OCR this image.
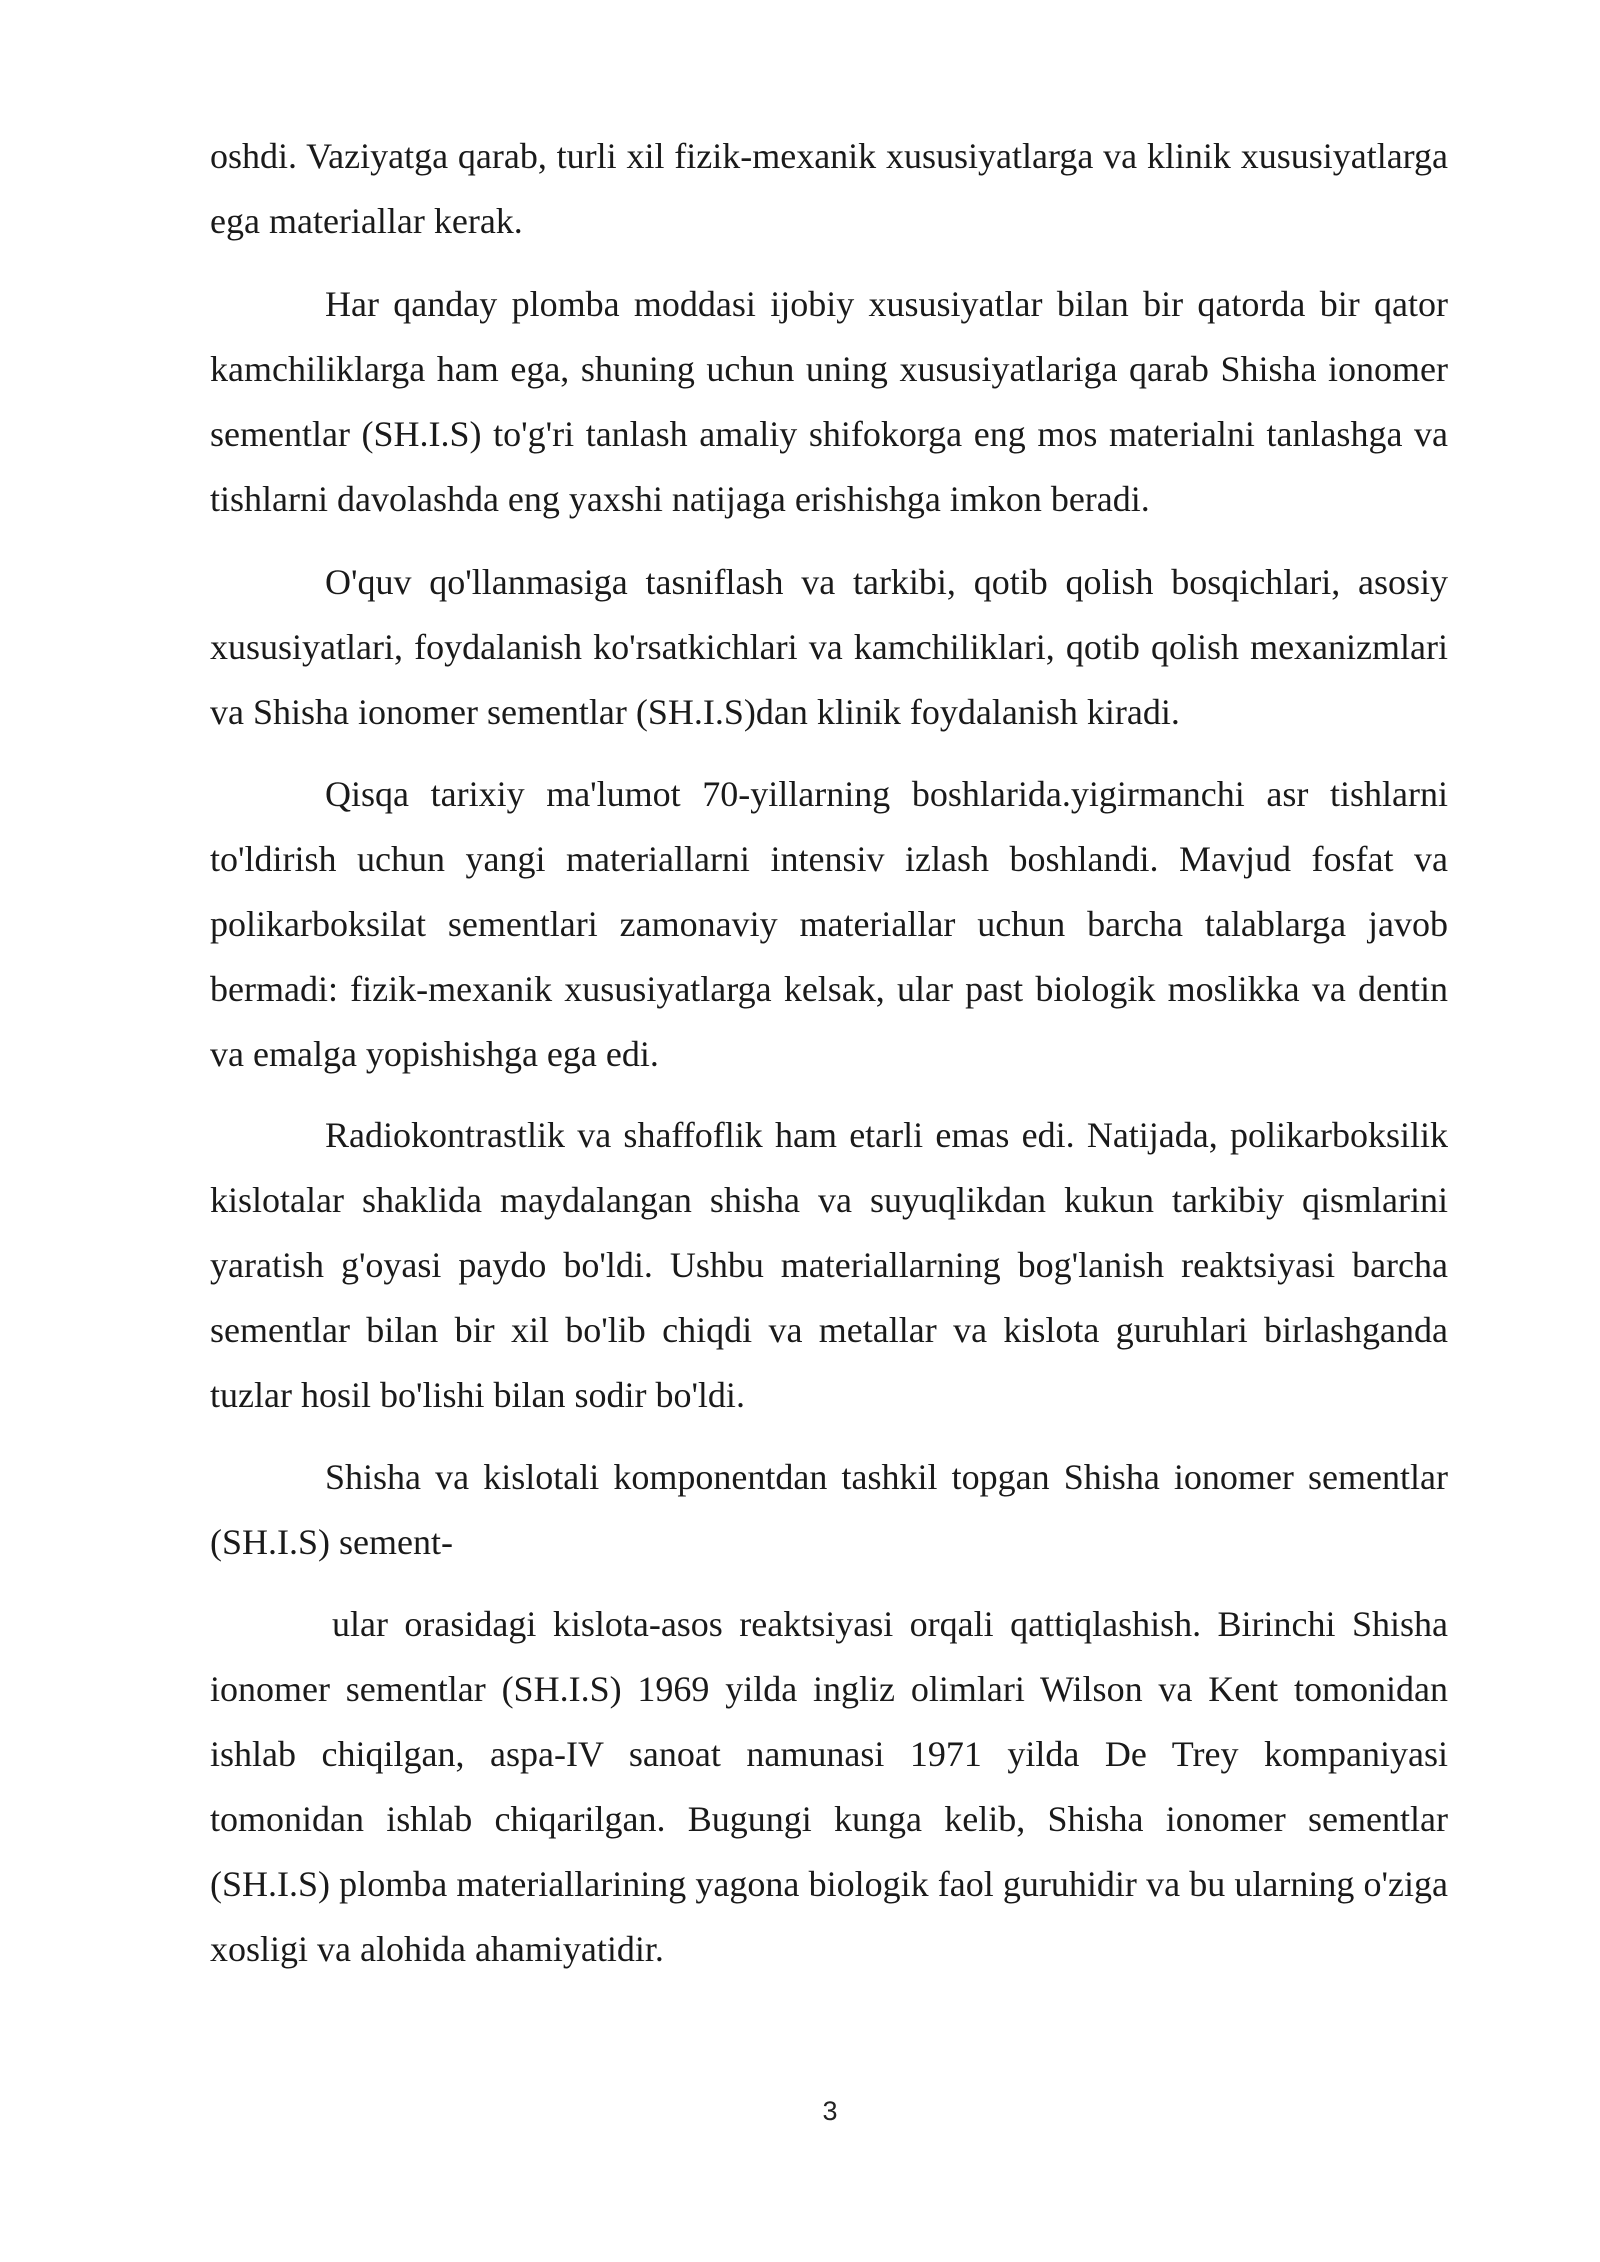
oshdi. Vaziyatga qarab, turli xil fizik-mexanik xususiyatlarga va klinik xususiyatlarga ega materiallar kerak.

Har qanday plomba moddasi ijobiy xususiyatlar bilan bir qatorda bir qator kamchiliklarga ham ega, shuning uchun uning xususiyatlariga qarab Shisha ionomer sementlar (SH.I.S) to'g'ri tanlash amaliy shifokorga eng mos materialni tanlashga va tishlarni davolashda eng yaxshi natijaga erishishga imkon beradi.

O'quv qo'llanmasiga tasniflash va tarkibi, qotib qolish bosqichlari, asosiy xususiyatlari, foydalanish ko'rsatkichlari va kamchiliklari, qotib qolish mexanizmlari va Shisha ionomer sementlar (SH.I.S)dan klinik foydalanish kiradi.

Qisqa tarixiy ma'lumot 70-yillarning boshlarida.yigirmanchi asr tishlarni to'ldirish uchun yangi materiallarni intensiv izlash boshlandi. Mavjud fosfat va polikarboksilat sementlari zamonaviy materiallar uchun barcha talablarga javob bermadi: fizik-mexanik xususiyatlarga kelsak, ular past biologik moslikka va dentin va emalga yopishishga ega edi.

Radiokontrastlik va shaffoflik ham etarli emas edi. Natijada, polikarboksilik kislotalar shaklida maydalangan shisha va suyuqlikdan kukun tarkibiy qismlarini yaratish g'oyasi paydo bo'ldi. Ushbu materiallarning bog'lanish reaktsiyasi barcha sementlar bilan bir xil bo'lib chiqdi va metallar va kislota guruhlari birlashganda tuzlar hosil bo'lishi bilan sodir bo'ldi.

Shisha va kislotali komponentdan tashkil topgan Shisha ionomer sementlar (SH.I.S) sement-

ular orasidagi kislota-asos reaktsiyasi orqali qattiqlashish. Birinchi Shisha ionomer sementlar (SH.I.S) 1969 yilda ingliz olimlari Wilson va Kent tomonidan ishlab chiqilgan, aspa-IV sanoat namunasi 1971 yilda De Trey kompaniyasi tomonidan ishlab chiqarilgan. Bugungi kunga kelib, Shisha ionomer sementlar (SH.I.S) plomba materiallarining yagona biologik faol guruhidir va bu ularning o'ziga xosligi va alohida ahamiyatidir.

3
